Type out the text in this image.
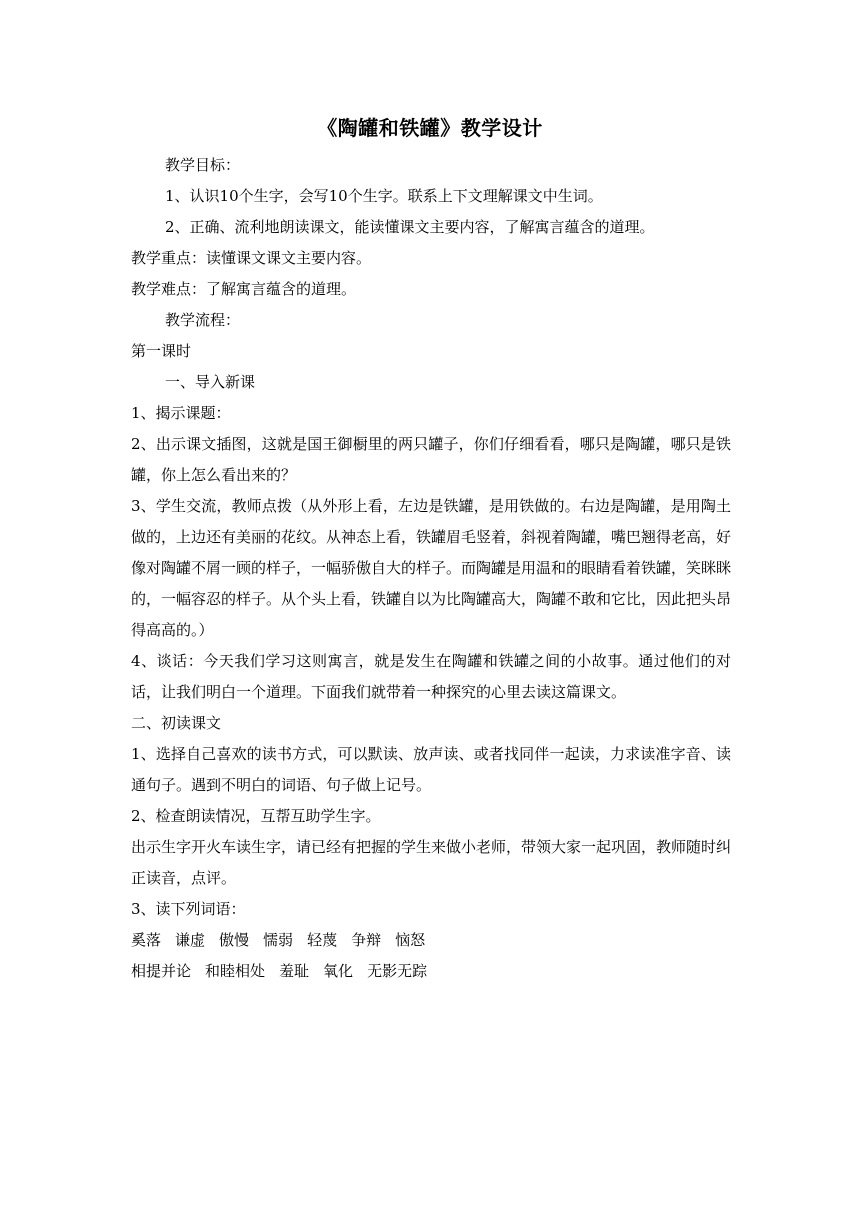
《陶罐和铁罐》教学设计

教学目标：

1、认识10个生字，会写10个生字。联系上下文理解课文中生词。

2、正确、流利地朗读课文，能读懂课文主要内容，了解寓言蕴含的道理。

教学重点：读懂课文课文主要内容。

教学难点：了解寓言蕴含的道理。

教学流程：

第一课时

一、导入新课

1、揭示课题：

2、出示课文插图，这就是国王御橱里的两只罐子，你们仔细看看，哪只是陶罐，哪只是铁罐，你上怎么看出来的？

3、学生交流，教师点拨（从外形上看，左边是铁罐，是用铁做的。右边是陶罐，是用陶土做的，上边还有美丽的花纹。从神态上看，铁罐眉毛竖着，斜视着陶罐，嘴巴翘得老高，好像对陶罐不屑一顾的样子，一幅骄傲自大的样子。而陶罐是用温和的眼睛看着铁罐，笑眯眯的，一幅容忍的样子。从个头上看，铁罐自以为比陶罐高大，陶罐不敢和它比，因此把头昂得高高的。）

4、谈话：今天我们学习这则寓言，就是发生在陶罐和铁罐之间的小故事。通过他们的对话，让我们明白一个道理。下面我们就带着一种探究的心里去读这篇课文。

二、初读课文

1、选择自己喜欢的读书方式，可以默读、放声读、或者找同伴一起读，力求读准字音、读通句子。遇到不明白的词语、句子做上记号。

2、检查朗读情况，互帮互助学生字。

出示生字开火车读生字，请已经有把握的学生来做小老师，带领大家一起巩固，教师随时纠正读音，点评。

3、读下列词语：

奚落 谦虚 傲慢 懦弱 轻蔑 争辩 恼怒

相提并论 和睦相处 羞耻 氧化 无影无踪
